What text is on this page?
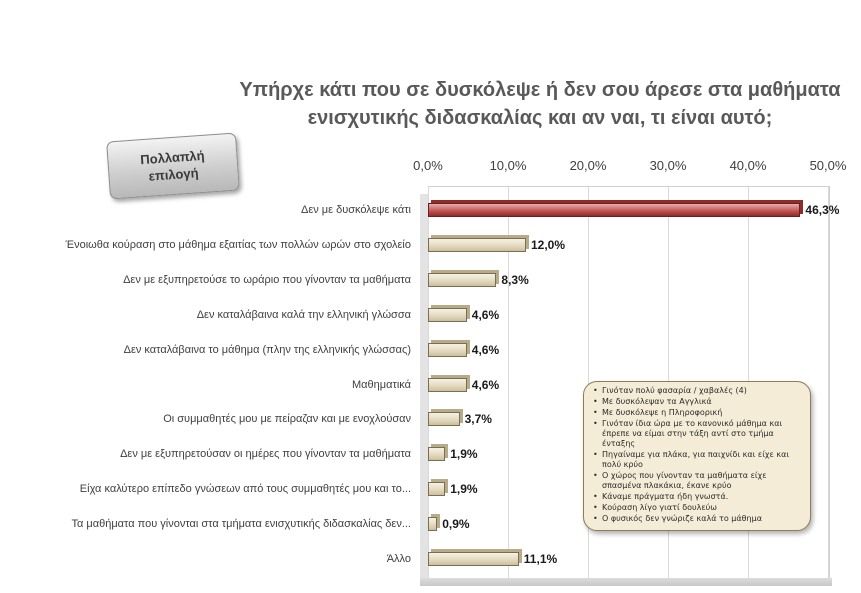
Υπήρχε κάτι που σε δυσκόλεψε ή δεν σου άρεσε στα μαθήματα ενισχυτικής διδασκαλίας και αν ναι, τι είναι αυτό;
Πολλαπλή
επιλογή	0,0%	10,0%	20,0%	30,0%	40,0%	50,0%
Δεν με δυσκόλεψε κάτι	46,3%
Ένοιωθα κούραση στο μάθημα εξαιτίας των πολλών ωρών στο σχολείο	12,0%
Δεν με εξυπηρετούσε το ωράριο που γίνονταν τα μαθήματα	8,3%
Δεν καταλάβαινα καλά την ελληνική γλώσσα	4,6%
Δεν καταλάβαινα το μάθημα (πλην της ελληνικής γλώσσας)	4,6%
Μαθηματικά	4,6%
Οι συμμαθητές μου με πείραζαν και με ενοχλούσαν	3,7%
Δεν με εξυπηρετούσαν οι ημέρες που γίνονταν τα μαθήματα	1,9%
Είχα καλύτερο επίπεδο γνώσεων από τους συμμαθητές μου και το...	1,9%
Τα μαθήματα που γίνονται στα τμήματα ενισχυτικής διδασκαλίας δεν...	0,9%
Άλλο	11,1%
• Γινόταν πολύ φασαρία / χαβαλές (4)
• Με δυσκόλεψαν τα Αγγλικά
• Με δυσκόλεψε η Πληροφορική
• Γινόταν ίδια ώρα με το κανονικό μάθημα και έπρεπε να είμαι στην τάξη αντί στο τμήμα ένταξης
• Πηγαίναμε για πλάκα, για παιχνίδι και είχε και πολύ κρύο
• Ο χώρος που γίνονταν τα μαθήματα είχε σπασμένα πλακάκια, έκανε κρύο
• Κάναμε πράγματα ήδη γνωστά.
• Κούραση λίγο γιατί δουλεύω
• Ο φυσικός δεν γνώριζε καλά το μάθημα
